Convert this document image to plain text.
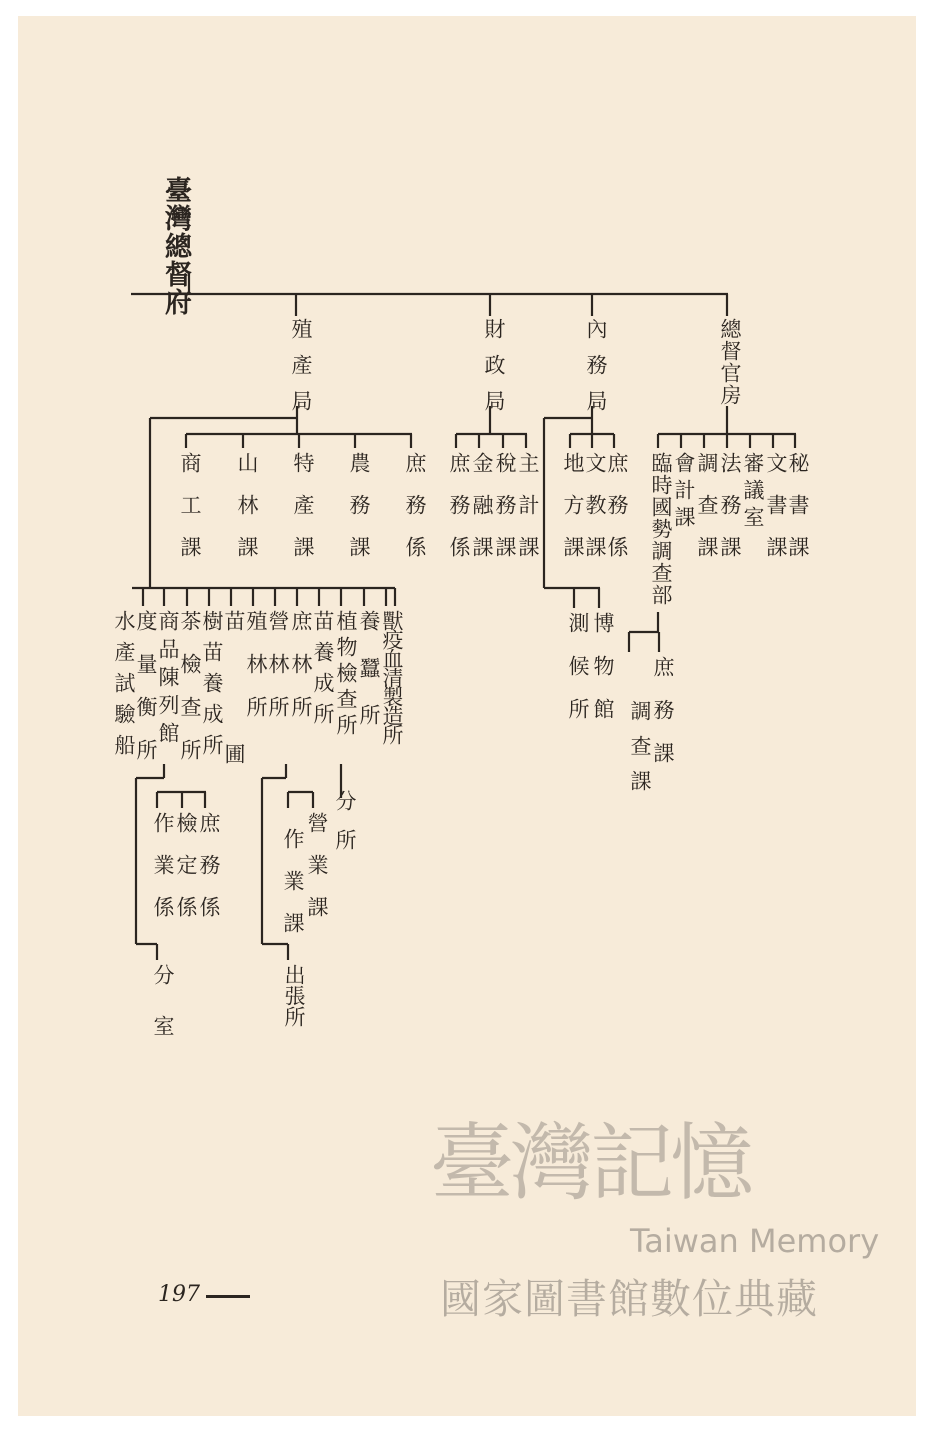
臺灣總督府
殖產局	財政局	內務局	總督官房
庶務係
農務課
特產課
山林課
商工課
獸疫血清製造所
養蠶所
植物檢查所
苗養成所
庶林所
營林所
殖林所
苗圃
樹苗養成所
茶檢查所
商品陳列館
度量衡所
水產試驗船
庶務係
檢定係
作業係
分室
營業課
作業課
出張所
分所
主計課
稅務課
金融課
庶務係	庶務係
文教課
地方課
博物館
測候所
秘書課
文書課
審議室
法務課
調查課
會計課
臨時國勢調查部
庶務課
調查課
197
臺灣記憶
Taiwan Memory
國家圖書館數位典藏
